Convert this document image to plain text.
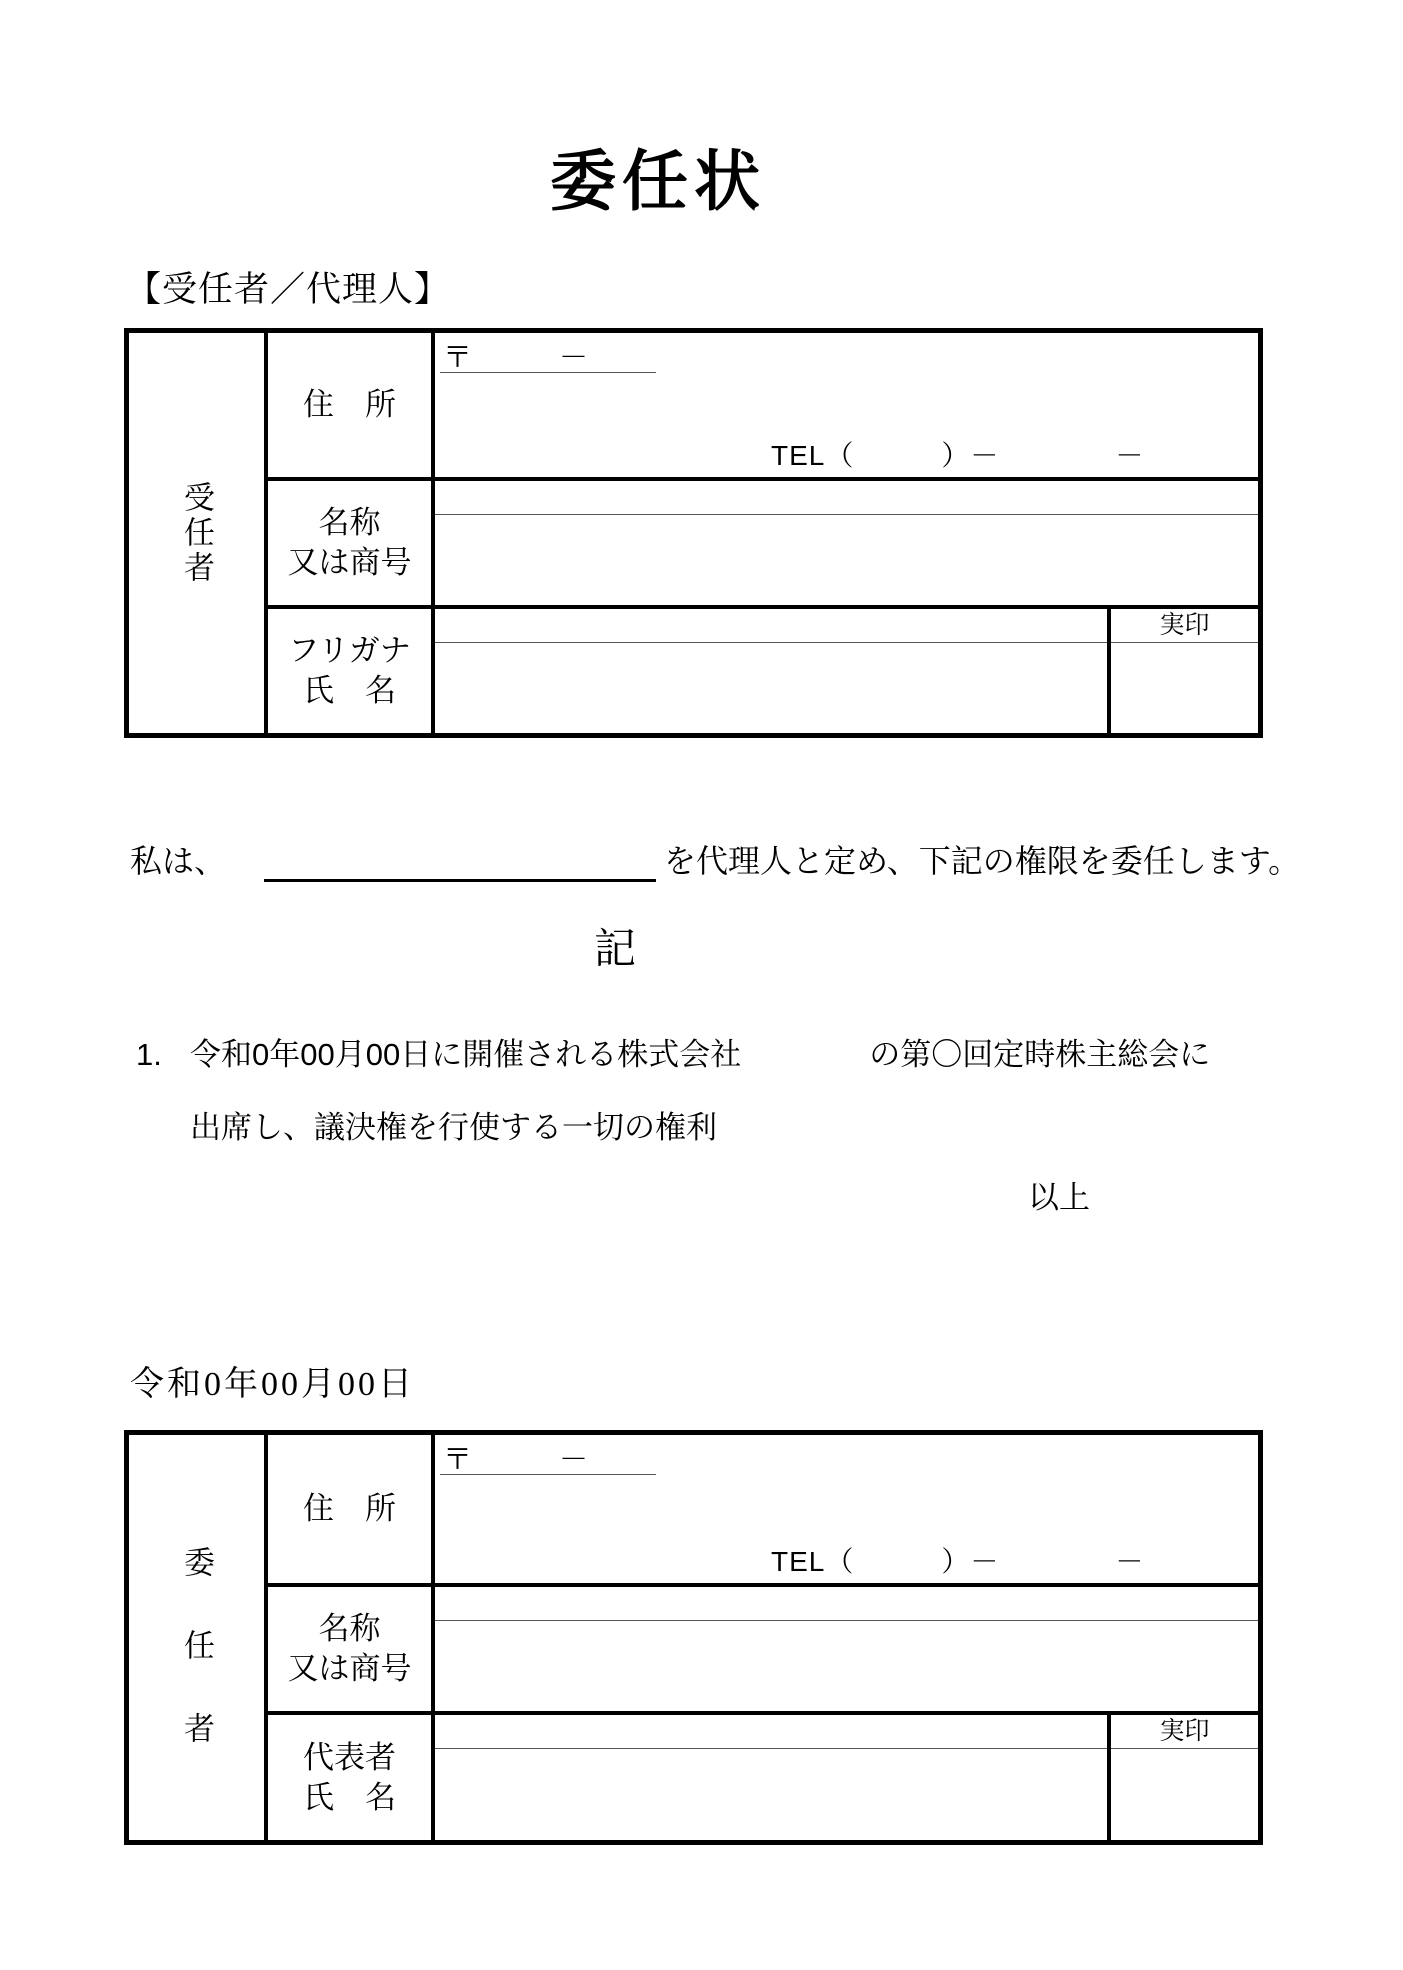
委任状
【受任者／代理人】
受任者
住　所
〒　　　－
TEL（　　　）－　　　　－
名称
又は商号
フリガナ
氏　名
実印
私は、	を代理人と定め、下記の権限を委任します。
記
1. 令和0年00月00日に開催される株式会社	の第〇回定時株主総会に
出席し、議決権を行使する一切の権利
以上
令和0年00月00日
委任者
住　所
〒　　　－
TEL（　　　）－　　　　－
名称
又は商号
代表者
氏　名
実印
